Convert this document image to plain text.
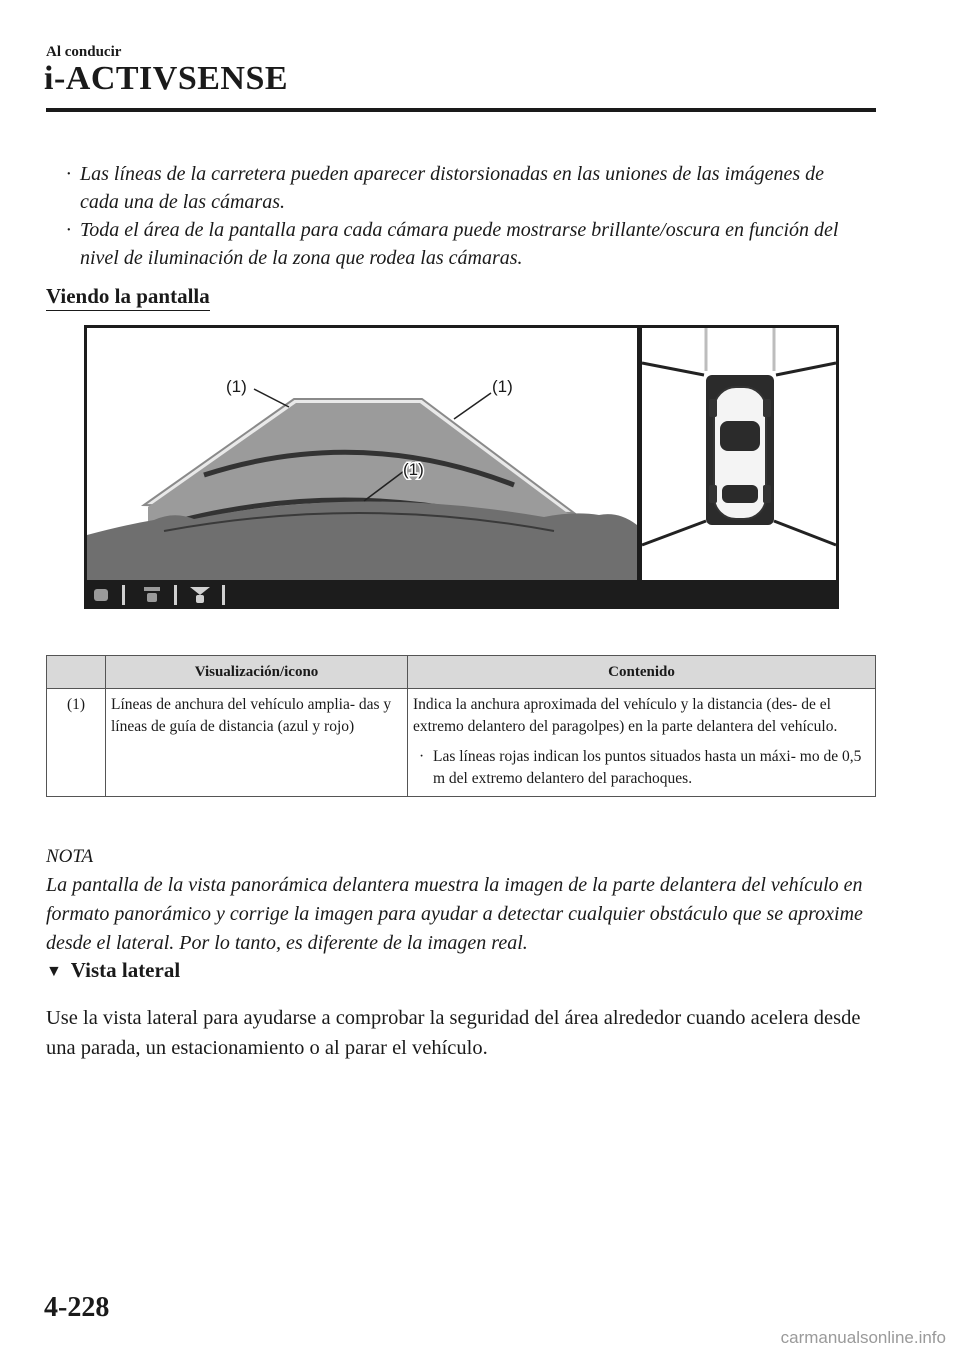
Al conducir
i-ACTIVSENSE
· Las líneas de la carretera pueden aparecer distorsionadas en las uniones de las imágenes de cada una de las cámaras.
· Toda el área de la pantalla para cada cámara puede mostrarse brillante/oscura en función del nivel de iluminación de la zona que rodea las cámaras.
Viendo la pantalla
(1)	(1)
(1)
	Visualización/icono	Contenido
(1)	Líneas de anchura del vehículo amplia- das y líneas de guía de distancia (azul y rojo)	Indica la anchura aproximada del vehículo y la distancia (des- de el extremo delantero del paragolpes) en la parte delantera del vehículo.
· Las líneas rojas indican los puntos situados hasta un máxi- mo de 0,5 m del extremo delantero del parachoques.
NOTA
La pantalla de la vista panorámica delantera muestra la imagen de la parte delantera del vehículo en formato panorámico y corrige la imagen para ayudar a detectar cualquier obstáculo que se aproxime desde el lateral. Por lo tanto, es diferente de la imagen real.
▼ Vista lateral
Use la vista lateral para ayudarse a comprobar la seguridad del área alrededor cuando acelera desde una parada, un estacionamiento o al parar el vehículo.
4-228
carmanualsonline.info
